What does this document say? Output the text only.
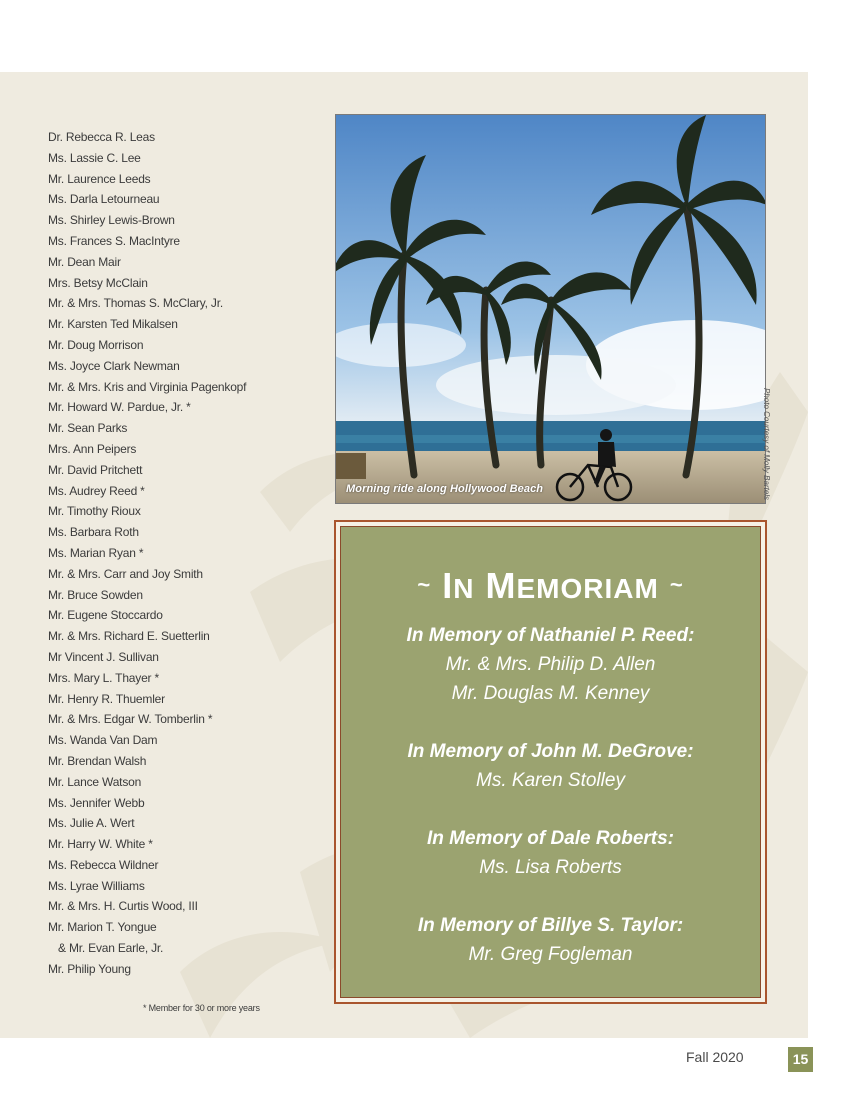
Dr. Rebecca R. Leas
Ms. Lassie C. Lee
Mr. Laurence Leeds
Ms. Darla Letourneau
Ms. Shirley Lewis-Brown
Ms. Frances S. MacIntyre
Mr. Dean Mair
Mrs. Betsy McClain
Mr. & Mrs. Thomas S. McClary, Jr.
Mr. Karsten Ted Mikalsen
Mr. Doug Morrison
Ms. Joyce Clark Newman
Mr. & Mrs. Kris and Virginia Pagenkopf
Mr. Howard W. Pardue, Jr. *
Mr. Sean Parks
Mrs. Ann Peipers
Mr. David Pritchett
Ms. Audrey Reed *
Mr. Timothy Rioux
Ms. Barbara Roth
Ms. Marian Ryan *
Mr. & Mrs. Carr and Joy Smith
Mr. Bruce Sowden
Mr. Eugene Stoccardo
Mr. & Mrs. Richard E. Suetterlin
Mr Vincent J. Sullivan
Mrs. Mary L. Thayer *
Mr. Henry R. Thuemler
Mr. & Mrs. Edgar W. Tomberlin *
Ms. Wanda Van Dam
Mr. Brendan Walsh
Mr. Lance Watson
Ms. Jennifer Webb
Ms. Julie A. Wert
Mr. Harry W. White *
Ms. Rebecca Wildner
Ms. Lyrae Williams
Mr. & Mrs. H. Curtis Wood, III
Mr. Marion T. Yongue
& Mr. Evan Earle, Jr.
Mr. Philip Young
* Member for 30 or more years
Morning ride along Hollywood Beach	Photo Courtesy of Molly Bartels
~ IN MEMORIAM ~
In Memory of Nathaniel P. Reed:
Mr. & Mrs. Philip D. Allen
Mr. Douglas M. Kenney
In Memory of John M. DeGrove:
Ms. Karen Stolley
In Memory of Dale Roberts:
Ms. Lisa Roberts
In Memory of Billye S. Taylor:
Mr. Greg Fogleman
Fall 2020	15
